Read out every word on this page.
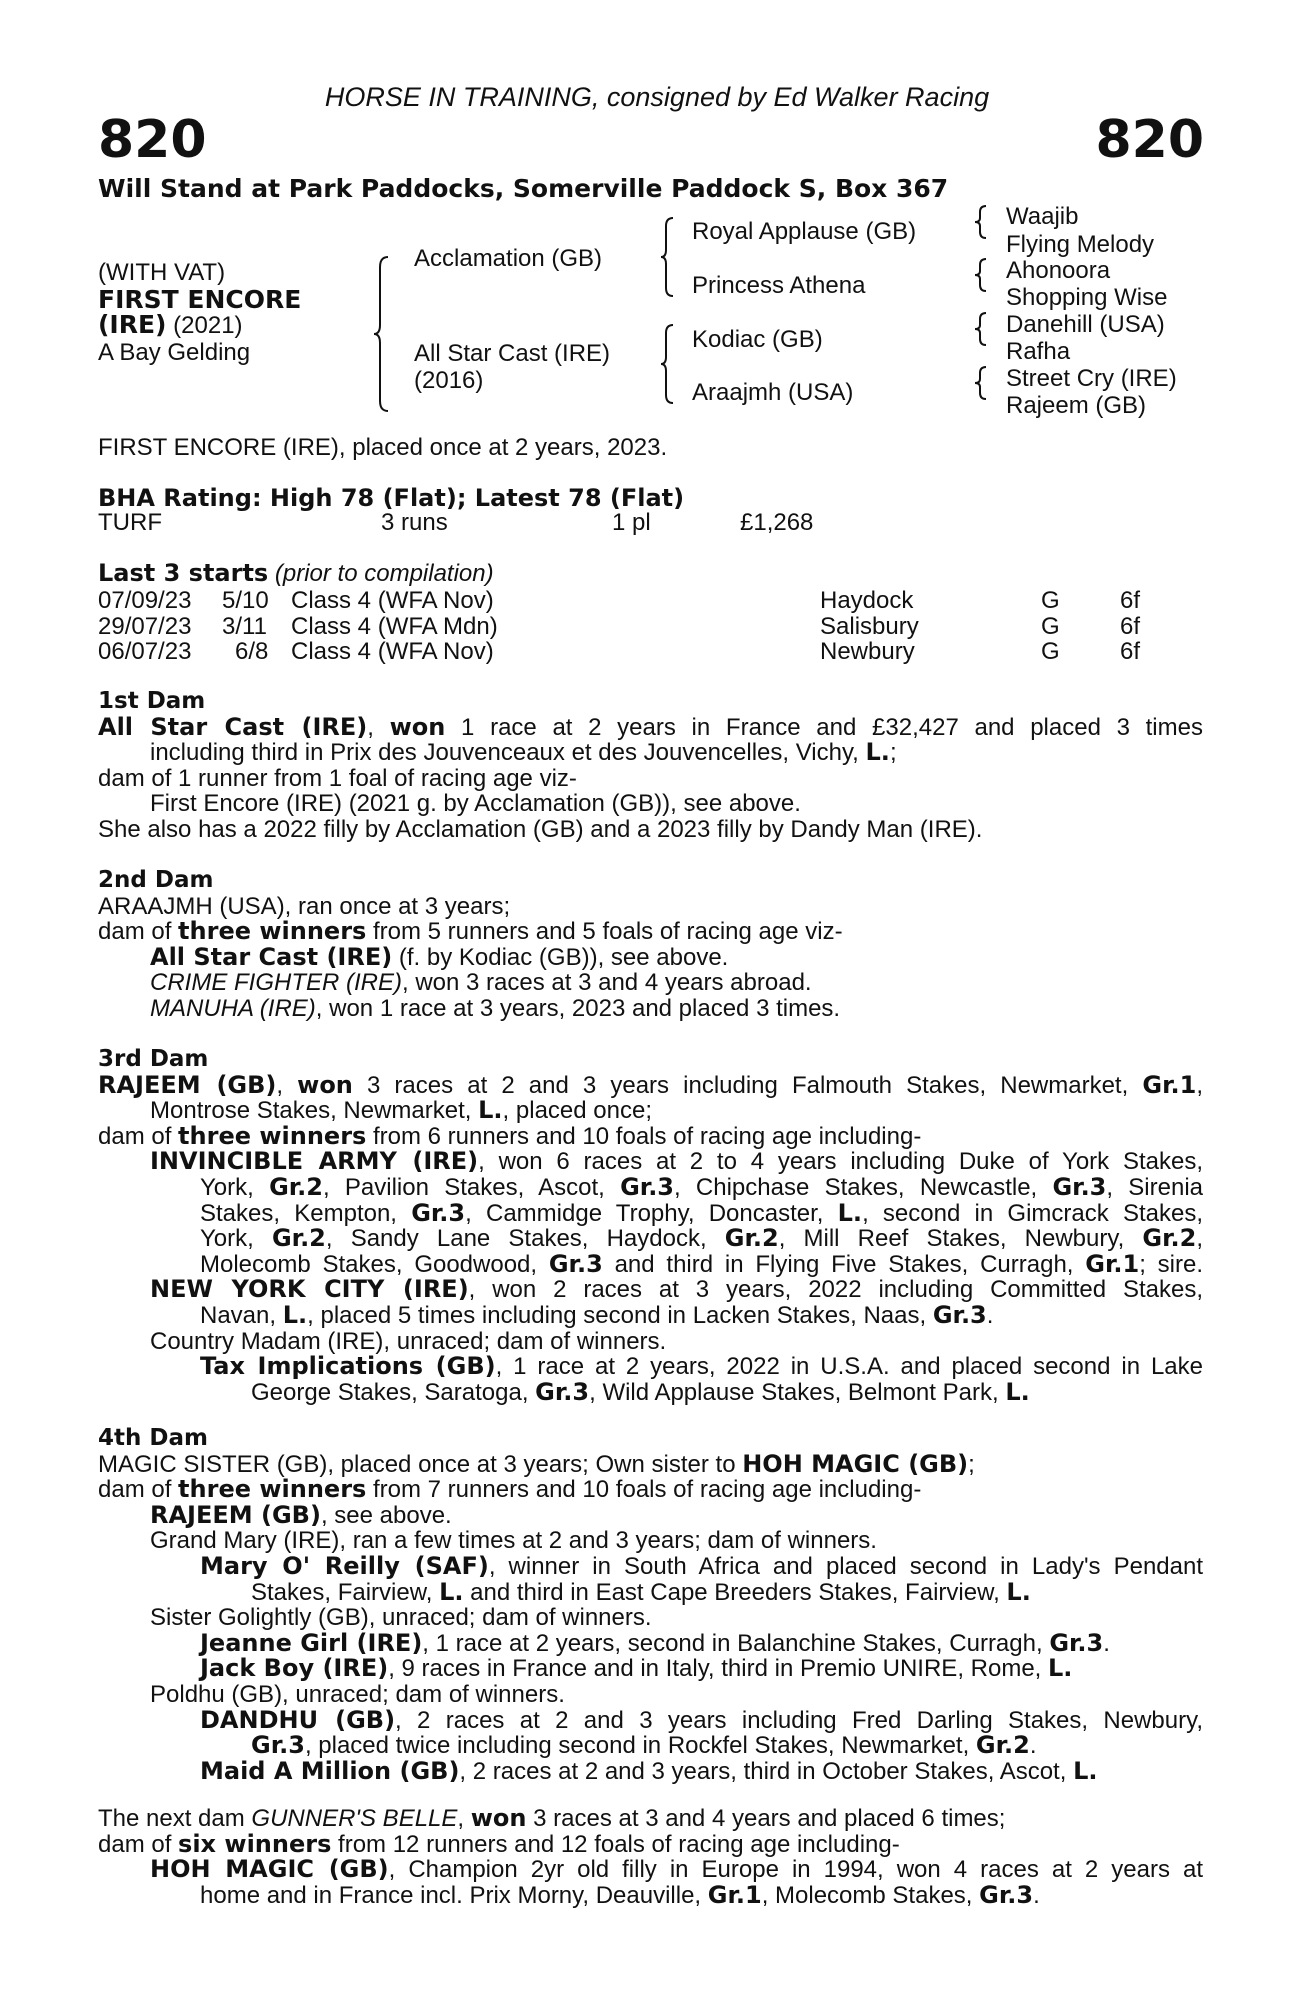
HORSE IN TRAINING, consigned by Ed Walker Racing
820	820
Will Stand at Park Paddocks, Somerville Paddock S, Box 367
(WITH VAT)
FIRST ENCORE
(IRE) (2021)
A Bay Gelding
Acclamation (GB)
All Star Cast (IRE)
(2016)
Royal Applause (GB)
Princess Athena
Kodiac (GB)
Araajmh (USA)
Waajib
Flying Melody
Ahonoora
Shopping Wise
Danehill (USA)
Rafha
Street Cry (IRE)
Rajeem (GB)
FIRST ENCORE (IRE), placed once at 2 years, 2023.
BHA Rating: High 78 (Flat); Latest 78 (Flat)
TURF	3 runs	1 pl	£1,268
Last 3 starts (prior to compilation)
07/09/23 5/10 Class 4 (WFA Nov)	Haydock	G	6f
29/07/23 3/11 Class 4 (WFA Mdn)	Salisbury	G	6f
06/07/23 6/8 Class 4 (WFA Nov)	Newbury	G	6f
1st Dam
All Star Cast (IRE), won 1 race at 2 years in France and £32,427 and placed 3 times
including third in Prix des Jouvenceaux et des Jouvencelles, Vichy, L.;
dam of 1 runner from 1 foal of racing age viz-
First Encore (IRE) (2021 g. by Acclamation (GB)), see above.
She also has a 2022 filly by Acclamation (GB) and a 2023 filly by Dandy Man (IRE).
2nd Dam
ARAAJMH (USA), ran once at 3 years;
dam of three winners from 5 runners and 5 foals of racing age viz-
All Star Cast (IRE) (f. by Kodiac (GB)), see above.
CRIME FIGHTER (IRE), won 3 races at 3 and 4 years abroad.
MANUHA (IRE), won 1 race at 3 years, 2023 and placed 3 times.
3rd Dam
RAJEEM (GB), won 3 races at 2 and 3 years including Falmouth Stakes, Newmarket, Gr.1,
Montrose Stakes, Newmarket, L., placed once;
dam of three winners from 6 runners and 10 foals of racing age including-
INVINCIBLE ARMY (IRE), won 6 races at 2 to 4 years including Duke of York Stakes,
York, Gr.2, Pavilion Stakes, Ascot, Gr.3, Chipchase Stakes, Newcastle, Gr.3, Sirenia
Stakes, Kempton, Gr.3, Cammidge Trophy, Doncaster, L., second in Gimcrack Stakes,
York, Gr.2, Sandy Lane Stakes, Haydock, Gr.2, Mill Reef Stakes, Newbury, Gr.2,
Molecomb Stakes, Goodwood, Gr.3 and third in Flying Five Stakes, Curragh, Gr.1; sire.
NEW YORK CITY (IRE), won 2 races at 3 years, 2022 including Committed Stakes,
Navan, L., placed 5 times including second in Lacken Stakes, Naas, Gr.3.
Country Madam (IRE), unraced; dam of winners.
Tax Implications (GB), 1 race at 2 years, 2022 in U.S.A. and placed second in Lake
George Stakes, Saratoga, Gr.3, Wild Applause Stakes, Belmont Park, L.
4th Dam
MAGIC SISTER (GB), placed once at 3 years; Own sister to HOH MAGIC (GB);
dam of three winners from 7 runners and 10 foals of racing age including-
RAJEEM (GB), see above.
Grand Mary (IRE), ran a few times at 2 and 3 years; dam of winners.
Mary O' Reilly (SAF), winner in South Africa and placed second in Lady's Pendant
Stakes, Fairview, L. and third in East Cape Breeders Stakes, Fairview, L.
Sister Golightly (GB), unraced; dam of winners.
Jeanne Girl (IRE), 1 race at 2 years, second in Balanchine Stakes, Curragh, Gr.3.
Jack Boy (IRE), 9 races in France and in Italy, third in Premio UNIRE, Rome, L.
Poldhu (GB), unraced; dam of winners.
DANDHU (GB), 2 races at 2 and 3 years including Fred Darling Stakes, Newbury,
Gr.3, placed twice including second in Rockfel Stakes, Newmarket, Gr.2.
Maid A Million (GB), 2 races at 2 and 3 years, third in October Stakes, Ascot, L.
The next dam GUNNER'S BELLE, won 3 races at 3 and 4 years and placed 6 times;
dam of six winners from 12 runners and 12 foals of racing age including-
HOH MAGIC (GB), Champion 2yr old filly in Europe in 1994, won 4 races at 2 years at
home and in France incl. Prix Morny, Deauville, Gr.1, Molecomb Stakes, Gr.3.
